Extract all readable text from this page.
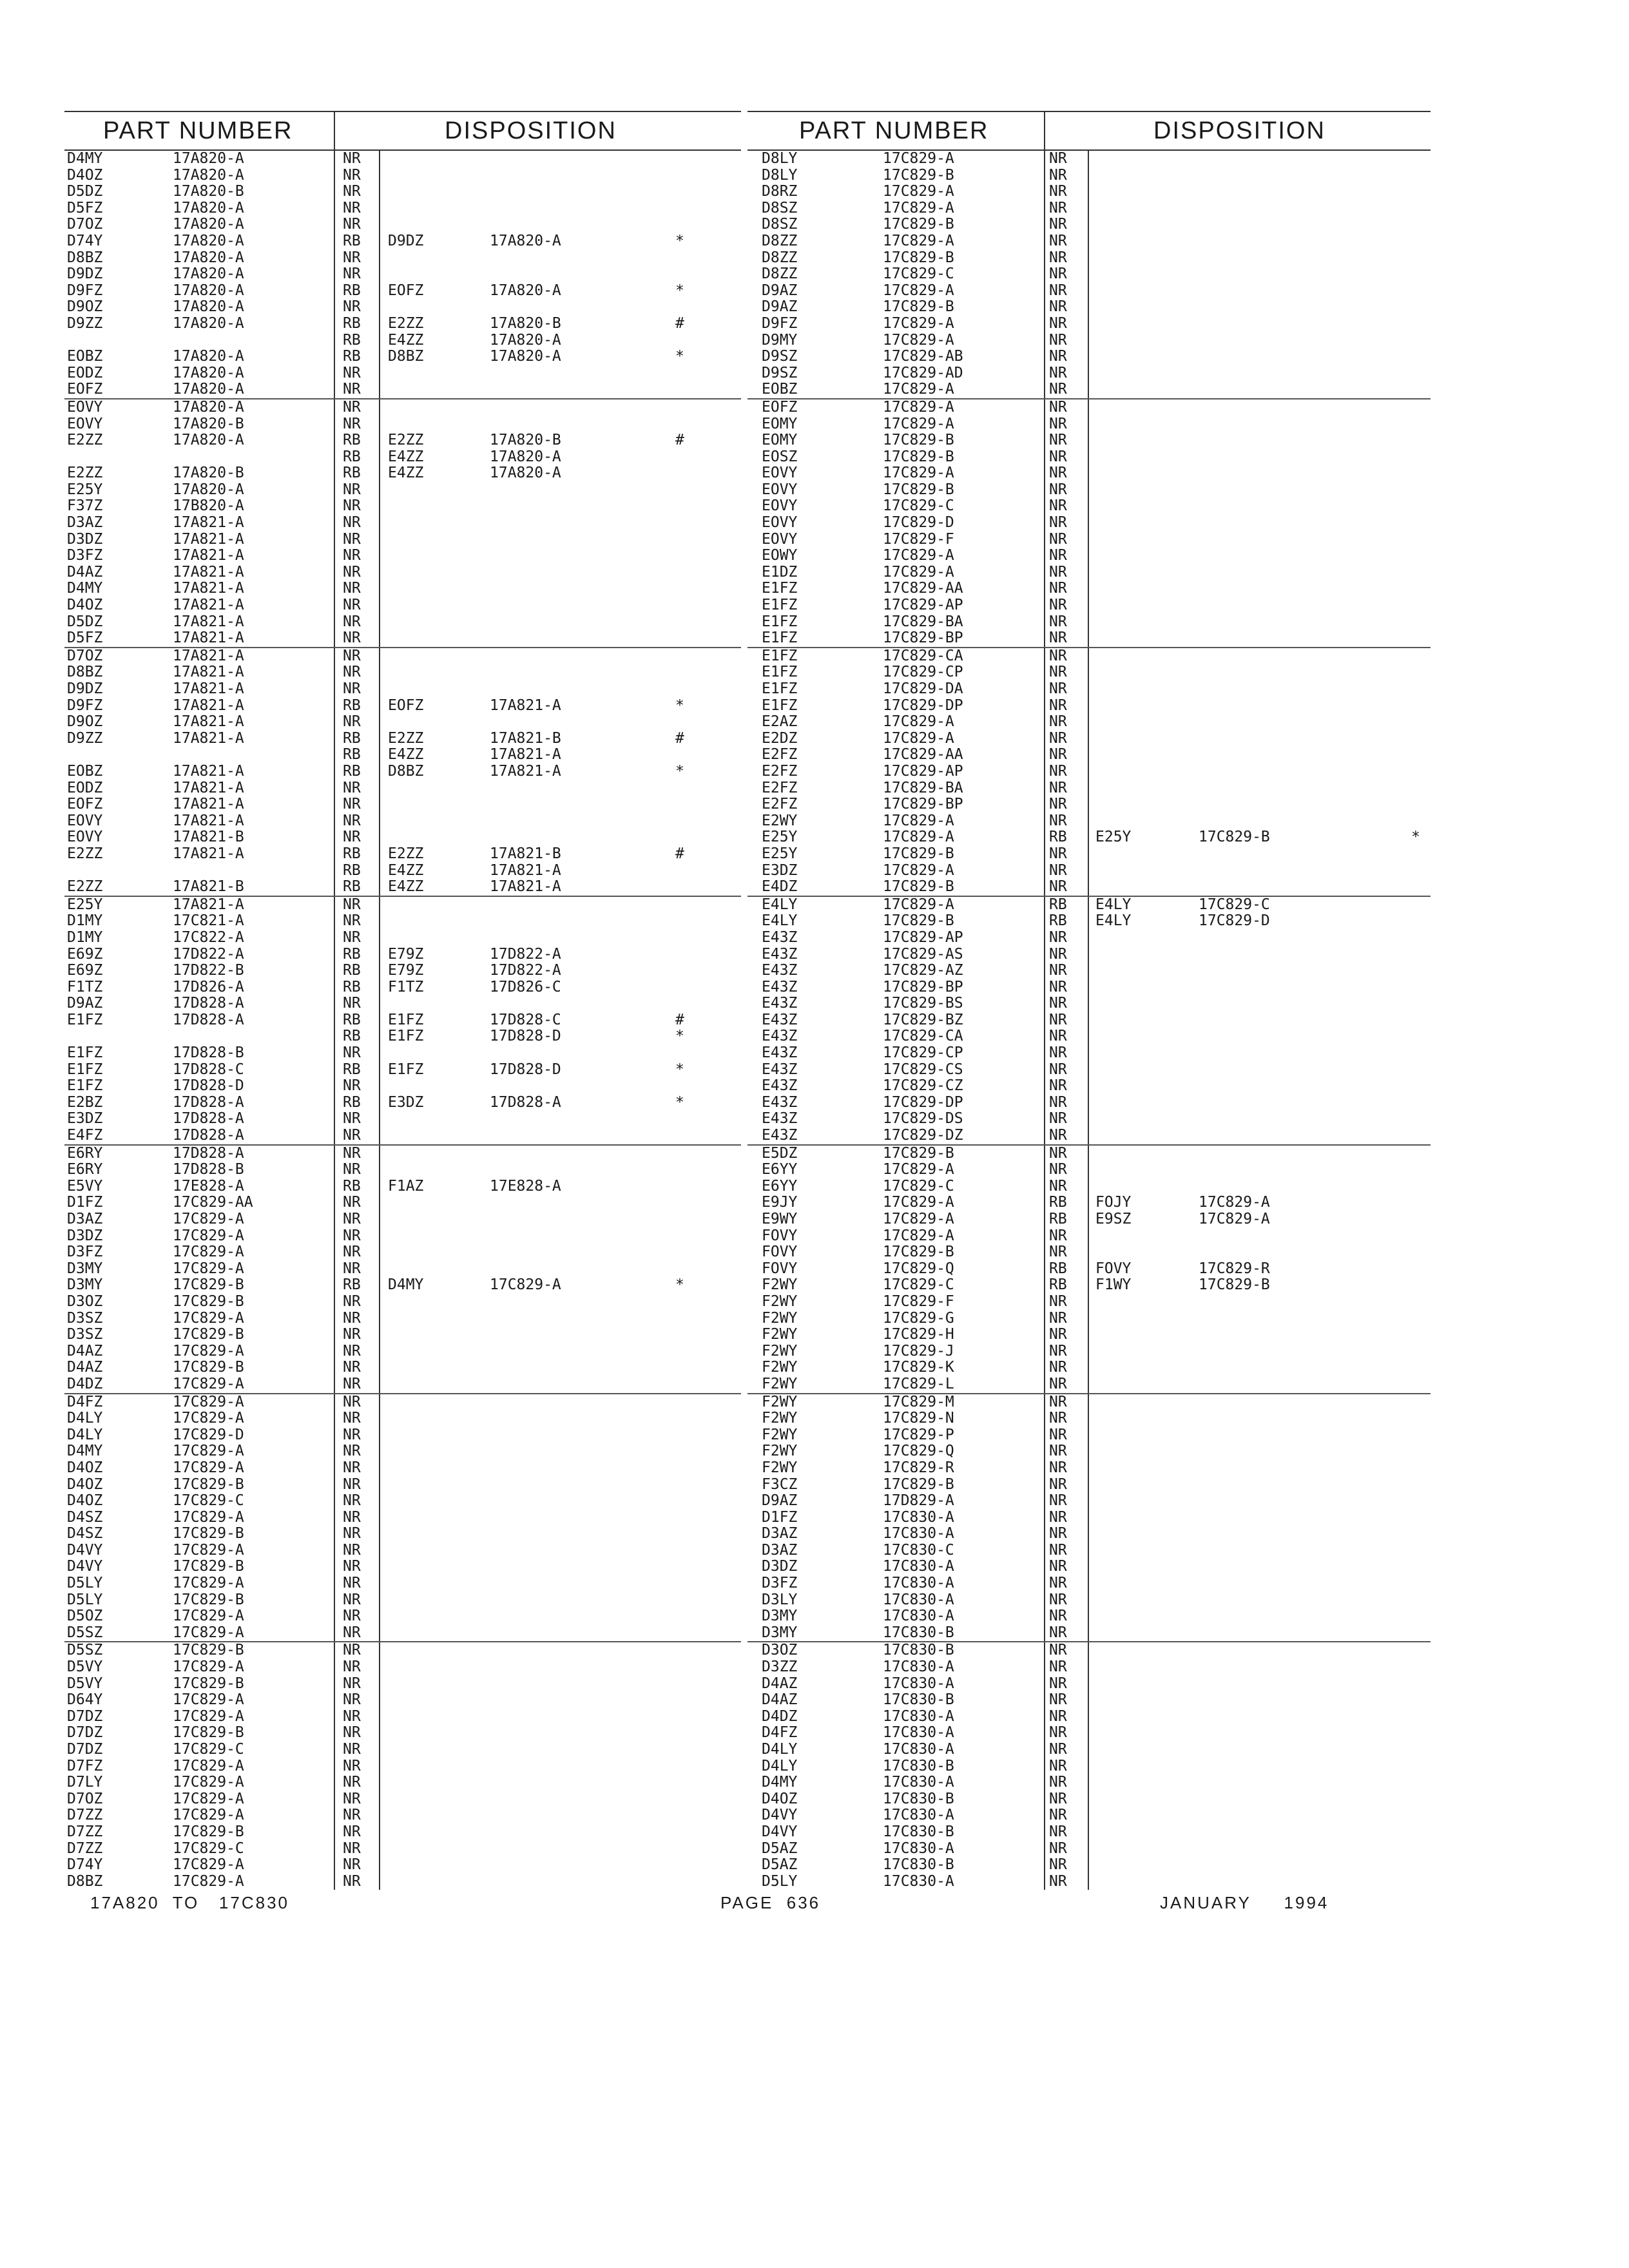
PART NUMBER	DISPOSITION
D4MY	17A820-A	NR
D4OZ	17A820-A	NR
D5DZ	17A820-B	NR
D5FZ	17A820-A	NR
D7OZ	17A820-A	NR
D74Y	17A820-A	RB D9DZ	17A820-A	*
D8BZ	17A820-A	NR
D9DZ	17A820-A	NR
D9FZ	17A820-A	RB EOFZ	17A820-A	*
D9OZ	17A820-A	NR
D9ZZ	17A820-A	RB E2ZZ	17A820-B	#
RB E4ZZ	17A820-A
EOBZ	17A820-A	RB D8BZ	17A820-A	*
EODZ	17A820-A	NR
EOFZ	17A820-A	NR
EOVY	17A820-A	NR
EOVY	17A820-B	NR
E2ZZ	17A820-A	RB E2ZZ	17A820-B	#
RB E4ZZ	17A820-A
E2ZZ	17A820-B	RB E4ZZ	17A820-A
E25Y	17A820-A	NR
F37Z	17B820-A	NR
D3AZ	17A821-A	NR
D3DZ	17A821-A	NR
D3FZ	17A821-A	NR
D4AZ	17A821-A	NR
D4MY	17A821-A	NR
D4OZ	17A821-A	NR
D5DZ	17A821-A	NR
D5FZ	17A821-A	NR
D7OZ	17A821-A	NR
D8BZ	17A821-A	NR
D9DZ	17A821-A	NR
D9FZ	17A821-A	RB EOFZ	17A821-A	*
D9OZ	17A821-A	NR
D9ZZ	17A821-A	RB E2ZZ	17A821-B	#
RB E4ZZ	17A821-A
EOBZ	17A821-A	RB D8BZ	17A821-A	*
EODZ	17A821-A	NR
EOFZ	17A821-A	NR
EOVY	17A821-A	NR
EOVY	17A821-B	NR
E2ZZ	17A821-A	RB E2ZZ	17A821-B	#
RB E4ZZ	17A821-A
E2ZZ	17A821-B	RB E4ZZ	17A821-A
E25Y	17A821-A	NR
D1MY	17C821-A	NR
D1MY	17C822-A	NR
E69Z	17D822-A	RB E79Z	17D822-A
E69Z	17D822-B	RB E79Z	17D822-A
F1TZ	17D826-A	RB F1TZ	17D826-C
D9AZ	17D828-A	NR
E1FZ	17D828-A	RB E1FZ	17D828-C	#
RB E1FZ	17D828-D	*
E1FZ	17D828-B	NR
E1FZ	17D828-C	RB E1FZ	17D828-D	*
E1FZ	17D828-D	NR
E2BZ	17D828-A	RB E3DZ	17D828-A	*
E3DZ	17D828-A	NR
E4FZ	17D828-A	NR
E6RY	17D828-A	NR
E6RY	17D828-B	NR
E5VY	17E828-A	RB F1AZ	17E828-A
D1FZ	17C829-AA	NR
D3AZ	17C829-A	NR
D3DZ	17C829-A	NR
D3FZ	17C829-A	NR
D3MY	17C829-A	NR
D3MY	17C829-B	RB D4MY	17C829-A	*
D3OZ	17C829-B	NR
D3SZ	17C829-A	NR
D3SZ	17C829-B	NR
D4AZ	17C829-A	NR
D4AZ	17C829-B	NR
D4DZ	17C829-A	NR
D4FZ	17C829-A	NR
D4LY	17C829-A	NR
D4LY	17C829-D	NR
D4MY	17C829-A	NR
D4OZ	17C829-A	NR
D4OZ	17C829-B	NR
D4OZ	17C829-C	NR
D4SZ	17C829-A	NR
D4SZ	17C829-B	NR
D4VY	17C829-A	NR
D4VY	17C829-B	NR
D5LY	17C829-A	NR
D5LY	17C829-B	NR
D5OZ	17C829-A	NR
D5SZ	17C829-A	NR
D5SZ	17C829-B	NR
D5VY	17C829-A	NR
D5VY	17C829-B	NR
D64Y	17C829-A	NR
D7DZ	17C829-A	NR
D7DZ	17C829-B	NR
D7DZ	17C829-C	NR
D7FZ	17C829-A	NR
D7LY	17C829-A	NR
D7OZ	17C829-A	NR
D7ZZ	17C829-A	NR
D7ZZ	17C829-B	NR
D7ZZ	17C829-C	NR
D74Y	17C829-A	NR
D8BZ	17C829-A	NR
PART NUMBER	DISPOSITION
D8LY	17C829-A	NR
D8LY	17C829-B	NR
D8RZ	17C829-A	NR
D8SZ	17C829-A	NR
D8SZ	17C829-B	NR
D8ZZ	17C829-A	NR
D8ZZ	17C829-B	NR
D8ZZ	17C829-C	NR
D9AZ	17C829-A	NR
D9AZ	17C829-B	NR
D9FZ	17C829-A	NR
D9MY	17C829-A	NR
D9SZ	17C829-AB	NR
D9SZ	17C829-AD	NR
EOBZ	17C829-A	NR
EOFZ	17C829-A	NR
EOMY	17C829-A	NR
EOMY	17C829-B	NR
EOSZ	17C829-B	NR
EOVY	17C829-A	NR
EOVY	17C829-B	NR
EOVY	17C829-C	NR
EOVY	17C829-D	NR
EOVY	17C829-F	NR
EOWY	17C829-A	NR
E1DZ	17C829-A	NR
E1FZ	17C829-AA	NR
E1FZ	17C829-AP	NR
E1FZ	17C829-BA	NR
E1FZ	17C829-BP	NR
E1FZ	17C829-CA	NR
E1FZ	17C829-CP	NR
E1FZ	17C829-DA	NR
E1FZ	17C829-DP	NR
E2AZ	17C829-A	NR
E2DZ	17C829-A	NR
E2FZ	17C829-AA	NR
E2FZ	17C829-AP	NR
E2FZ	17C829-BA	NR
E2FZ	17C829-BP	NR
E2WY	17C829-A	NR
E25Y	17C829-A	RB E25Y	17C829-B	*
E25Y	17C829-B	NR
E3DZ	17C829-A	NR
E4DZ	17C829-B	NR
E4LY	17C829-A	RB E4LY	17C829-C
E4LY	17C829-B	RB E4LY	17C829-D
E43Z	17C829-AP	NR
E43Z	17C829-AS	NR
E43Z	17C829-AZ	NR
E43Z	17C829-BP	NR
E43Z	17C829-BS	NR
E43Z	17C829-BZ	NR
E43Z	17C829-CA	NR
E43Z	17C829-CP	NR
E43Z	17C829-CS	NR
E43Z	17C829-CZ	NR
E43Z	17C829-DP	NR
E43Z	17C829-DS	NR
E43Z	17C829-DZ	NR
E5DZ	17C829-B	NR
E6YY	17C829-A	NR
E6YY	17C829-C	NR
E9JY	17C829-A	RB FOJY	17C829-A
E9WY	17C829-A	RB E9SZ	17C829-A
FOVY	17C829-A	NR
FOVY	17C829-B	NR
FOVY	17C829-Q	RB FOVY	17C829-R
F2WY	17C829-C	RB F1WY	17C829-B
F2WY	17C829-F	NR
F2WY	17C829-G	NR
F2WY	17C829-H	NR
F2WY	17C829-J	NR
F2WY	17C829-K	NR
F2WY	17C829-L	NR
F2WY	17C829-M	NR
F2WY	17C829-N	NR
F2WY	17C829-P	NR
F2WY	17C829-Q	NR
F2WY	17C829-R	NR
F3CZ	17C829-B	NR
D9AZ	17D829-A	NR
D1FZ	17C830-A	NR
D3AZ	17C830-A	NR
D3AZ	17C830-C	NR
D3DZ	17C830-A	NR
D3FZ	17C830-A	NR
D3LY	17C830-A	NR
D3MY	17C830-A	NR
D3MY	17C830-B	NR
D3OZ	17C830-B	NR
D3ZZ	17C830-A	NR
D4AZ	17C830-A	NR
D4AZ	17C830-B	NR
D4DZ	17C830-A	NR
D4FZ	17C830-A	NR
D4LY	17C830-A	NR
D4LY	17C830-B	NR
D4MY	17C830-A	NR
D4OZ	17C830-B	NR
D4VY	17C830-A	NR
D4VY	17C830-B	NR
D5AZ	17C830-A	NR
D5AZ	17C830-B	NR
D5LY	17C830-A	NR
17A820  TO   17C830	PAGE  636	JANUARY     1994
